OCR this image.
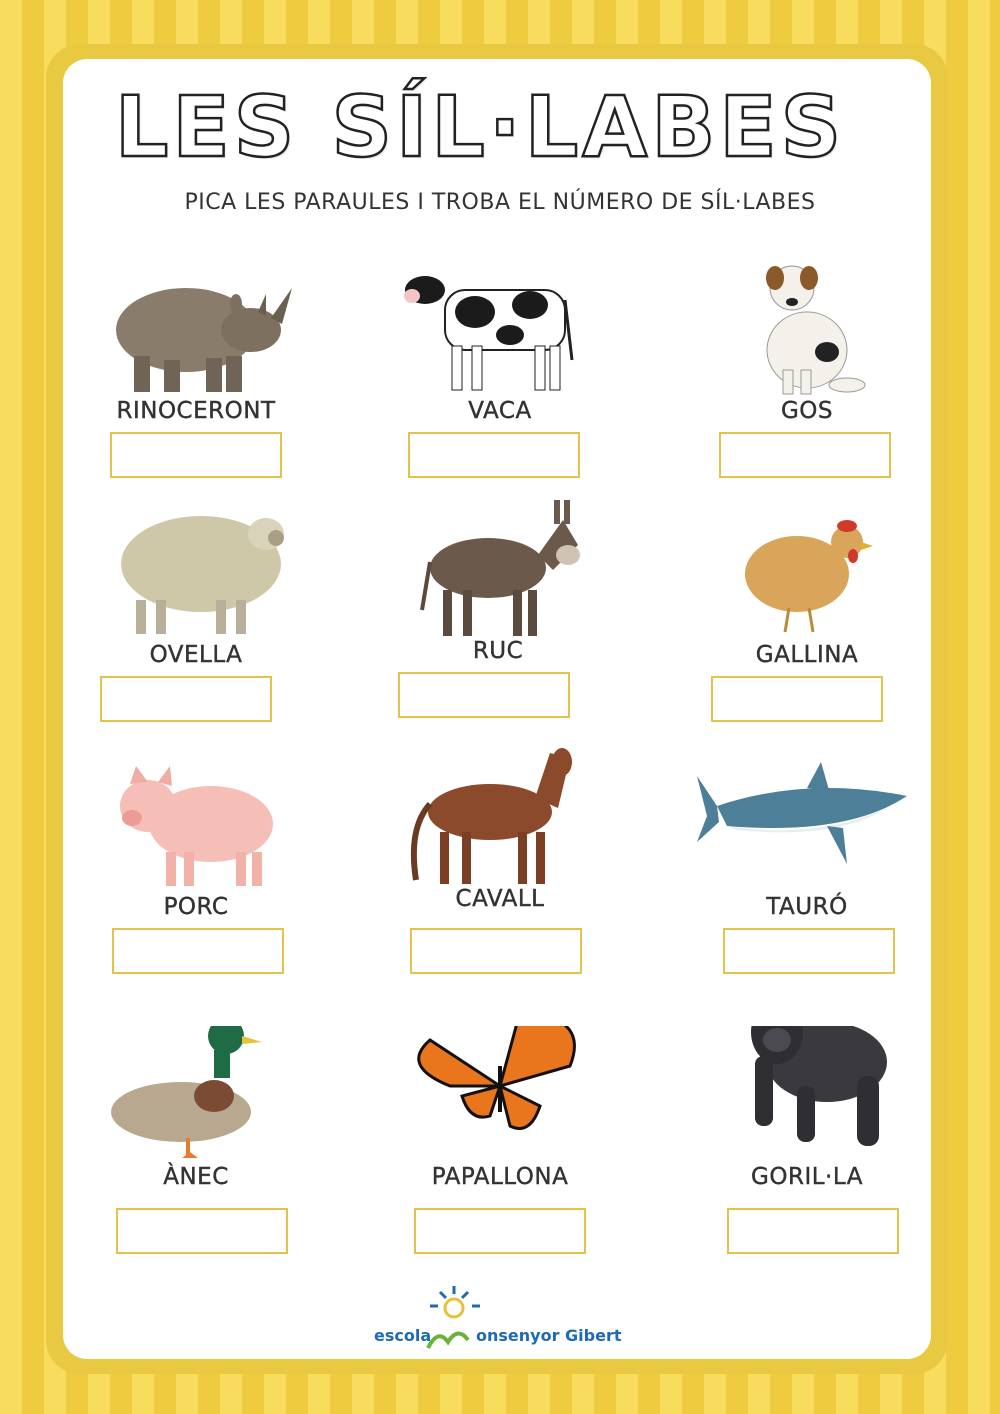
LES SÍL·LABES

PICA LES PARAULES I TROBA EL NÚMERO DE SÍL·LABES

RINOCERONT	VACA	GOS
OVELLA	RUC	GALLINA
PORC	CAVALL	TAURÓ
ÀNEC	PAPALLONA	GORIL·LA
escola	onsenyor Gibert
